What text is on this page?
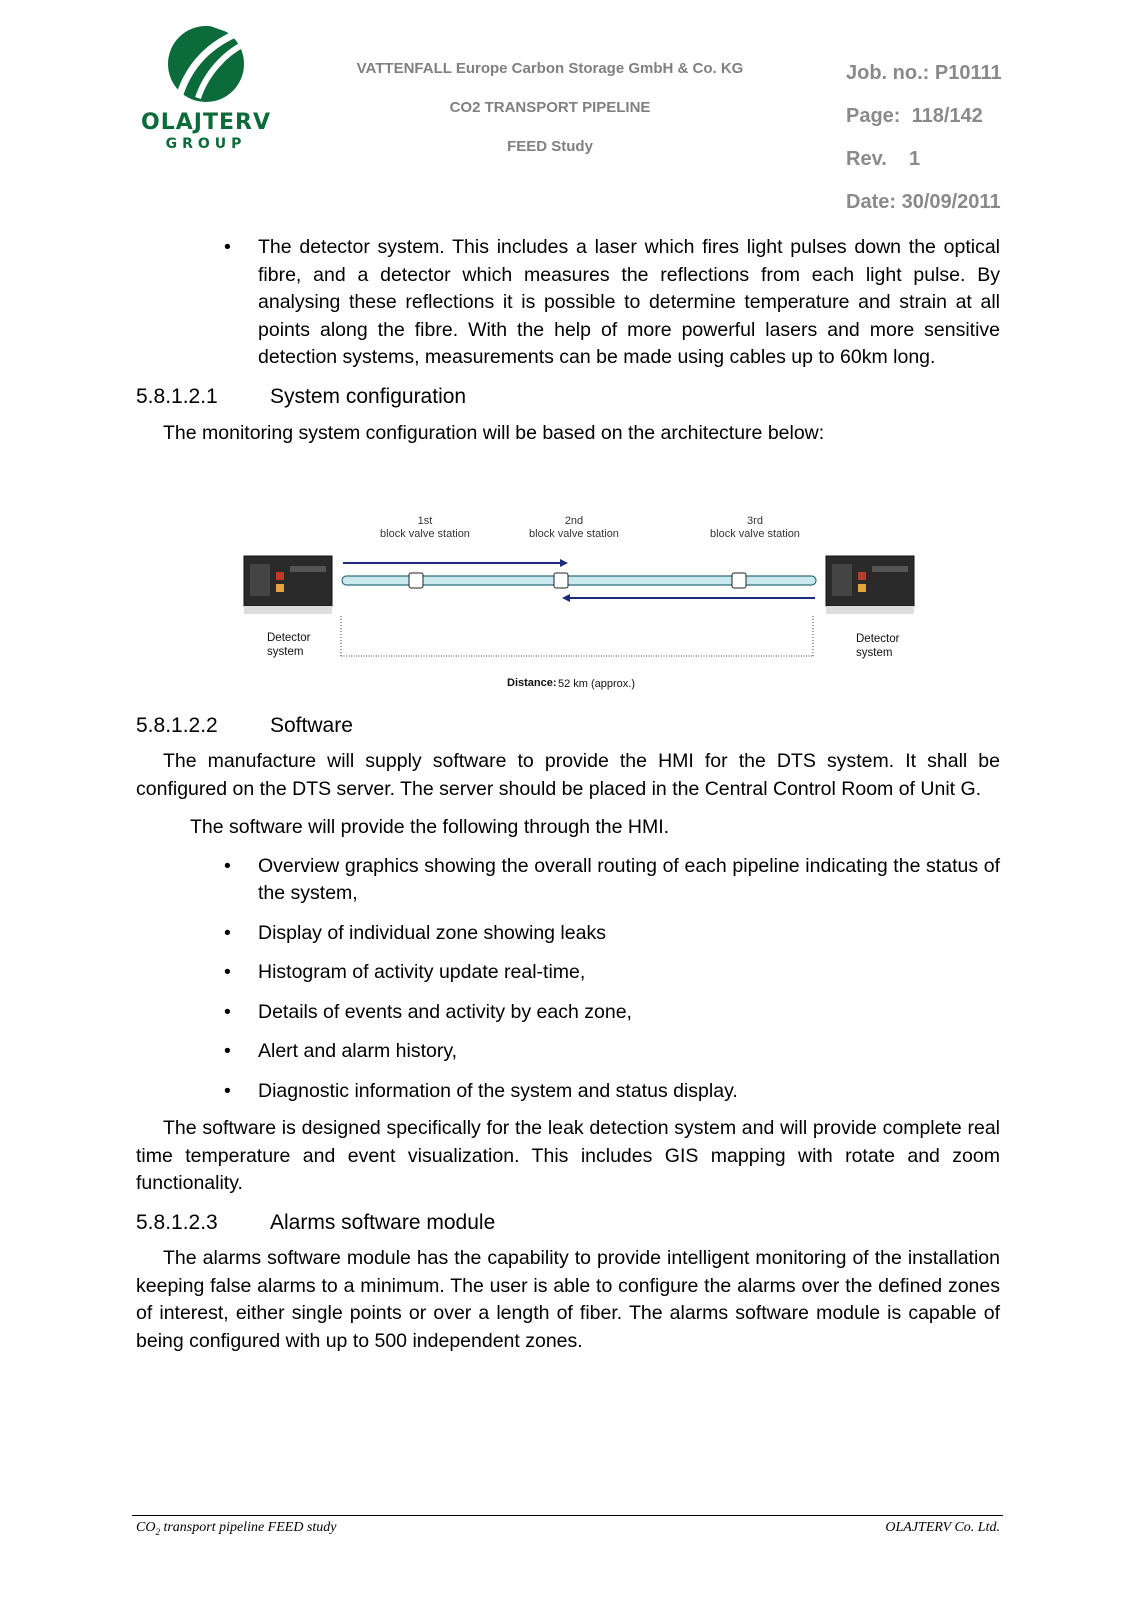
OLAJTERV
GROUP
VATTENFALL Europe Carbon Storage GmbH & Co. KG
CO2 TRANSPORT PIPELINE
FEED Study
Job. no.: P10111
Page: 118/142
Rev. 1
Date: 30/09/2011
• The detector system. This includes a laser which fires light pulses down the optical fibre, and a detector which measures the reflections from each light pulse. By analysing these reflections it is possible to determine temperature and strain at all points along the fibre. With the help of more powerful lasers and more sensitive detection systems, measurements can be made using cables up to 60km long.
5.8.1.2.1	System configuration
The monitoring system configuration will be based on the architecture below:
5.8.1.2.2	Software
The manufacture will supply software to provide the HMI for the DTS system. It shall be configured on the DTS server. The server should be placed in the Central Control Room of Unit G.
The software will provide the following through the HMI.
• Overview graphics showing the overall routing of each pipeline indicating the status of the system,
• Display of individual zone showing leaks
• Histogram of activity update real-time,
• Details of events and activity by each zone,
• Alert and alarm history,
• Diagnostic information of the system and status display.
The software is designed specifically for the leak detection system and will provide complete real time temperature and event visualization. This includes GIS mapping with rotate and zoom functionality.
5.8.1.2.3	Alarms software module
The alarms software module has the capability to provide intelligent monitoring of the installation keeping false alarms to a minimum. The user is able to configure the alarms over the defined zones of interest, either single points or over a length of fiber. The alarms software module is capable of being configured with up to 500 independent zones.
1st
block valve station
2nd
block valve station
3rd
block valve station
Detector
system
Detector
system
Distance: 52 km (approx.)
$CO_2$ transport pipeline FEED study	OLAJTERV Co. Ltd.
